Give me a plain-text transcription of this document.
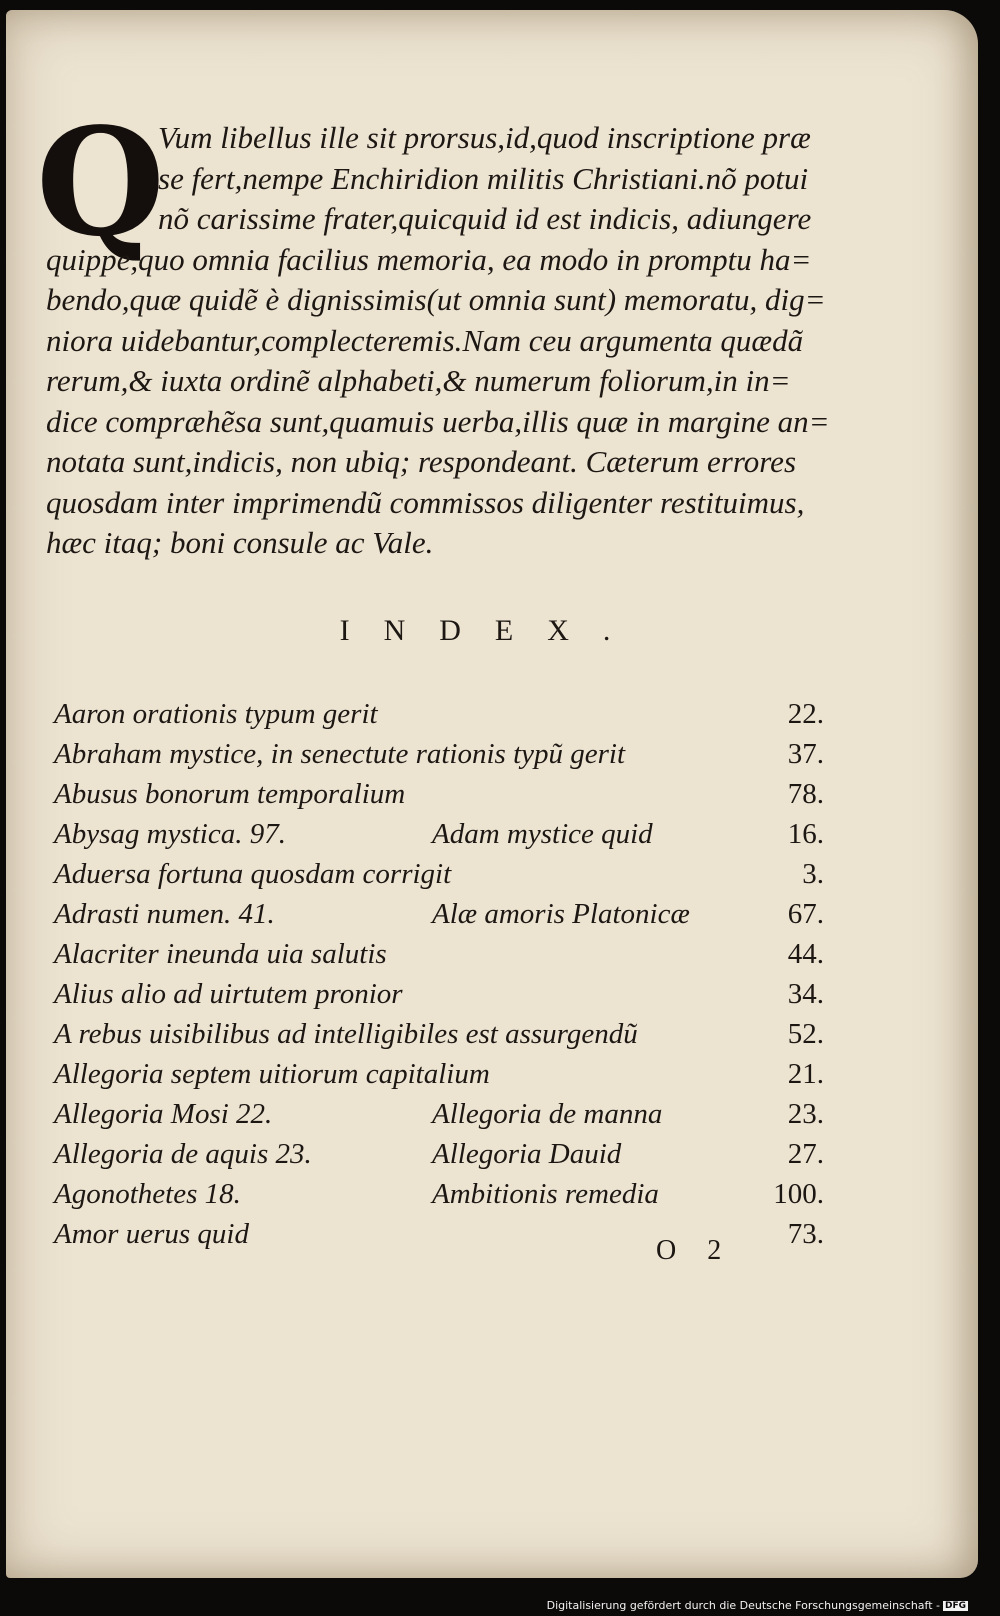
Q
Vum libellus ille sit prorsus,id,quod inscriptione præ
se fert,nempe Enchiridion militis Christiani.nõ potui
nõ carissime frater,quicquid id est indicis, adiungere
quippe,quo omnia facilius memoria, ea modo in promptu ha=
bendo,quæ quidẽ è dignissimis(ut omnia sunt) memoratu, dig=
niora uidebantur,complecteremis.Nam ceu argumenta quædã
rerum,& iuxta ordinẽ alphabeti,& numerum foliorum,in in=
dice compræhẽsa sunt,quamuis uerba,illis quæ in margine an=
notata sunt,indicis, non ubiq; respondeant. Cæterum errores
quosdam inter imprimendũ commissos diligenter restituimus,
hæc itaq; boni consule ac Vale.
INDEX.
Aaron orationis typum gerit	22.
Abraham mystice, in senectute rationis typũ gerit	37.
Abusus bonorum temporalium	78.
Abysag mystica. 97.	Adam mystice quid	16.
Aduersa fortuna quosdam corrigit	3.
Adrasti numen. 41.	Alæ amoris Platonicæ	67.
Alacriter ineunda uia salutis	44.
Alius alio ad uirtutem pronior	34.
A rebus uisibilibus ad intelligibiles est assurgendũ	52.
Allegoria septem uitiorum capitalium	21.
Allegoria Mosi 22.	Allegoria de manna	23.
Allegoria de aquis 23.	Allegoria Dauid	27.
Agonothetes 18.	Ambitionis remedia	100.
Amor uerus quid	73.
O 2
Digitalisierung gefördert durch die Deutsche Forschungsgemeinschaft - DFG
